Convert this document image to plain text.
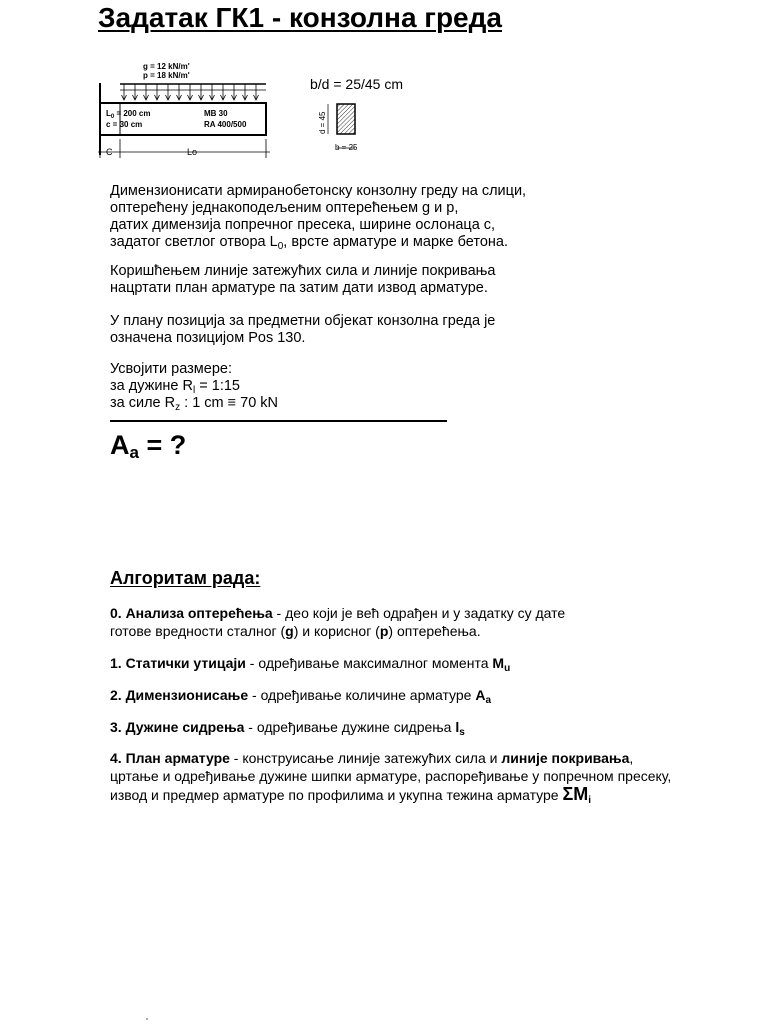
Задатак ГК1 - конзолна греда
g = 12 kN/m'
p = 18 kN/m'
$L_0 = 200$ cm
c = 30 cm
MB 30
RA 400/500
C	Lo
b/d = 25/45 cm
d = 45
b = 25
Димензионисати армиранобетонску конзолну греду на слици,
оптерећену једнакоподељеним оптерећењем g и p,
датих димензија попречног пресека, ширине ослонаца c,
задатог светлог отвора $L_0$, врсте арматуре и марке бетона.
Коришћењем линије затежућих сила и линије покривања
нацртати план арматуре па затим дати извод арматуре.
У плану позиција за предметни објекат конзолна греда је
означена позицијом Pos 130.
Усвојити размере:
за дужине $R_l$ = 1:15
за силе $R_z$ : 1 cm ≡ 70 kN
$A_a$ = ?
Алгоритам рада:
0. Анализа оптерећења - део који је већ одрађен и у задатку су дате
готове вредности сталног (g) и корисног (p) оптерећења.
1. Статички утицаји - одређивање максималног момента $M_u$
2. Димензионисање - одређивање количине арматуре $A_a$
3. Дужине сидрења - одређивање дужине сидрења $l_s$
4. План арматуре - конструисање линије затежућих сила и линије покривања,
цртање и одређивање дужине шипки арматуре, распоређивање у попречном пресеку,
извод и предмер арматуре по профилима и укупна тежина арматуре $\Sigma M_i$
